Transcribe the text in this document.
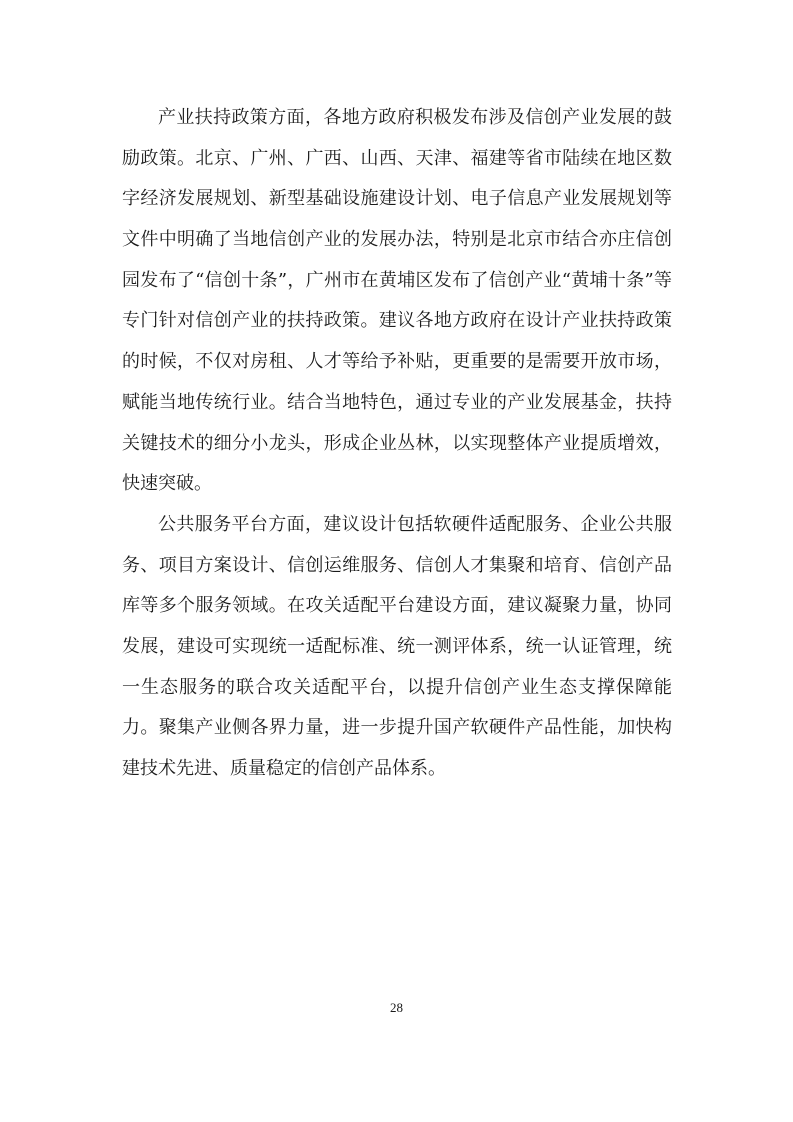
产业扶持政策方面，各地方政府积极发布涉及信创产业发展的鼓
励政策。北京、广州、广西、山西、天津、福建等省市陆续在地区数
字经济发展规划、新型基础设施建设计划、电子信息产业发展规划等
文件中明确了当地信创产业的发展办法，特别是北京市结合亦庄信创
园发布了“信创十条”，广州市在黄埔区发布了信创产业“黄埔十条”等
专门针对信创产业的扶持政策。建议各地方政府在设计产业扶持政策
的时候，不仅对房租、人才等给予补贴，更重要的是需要开放市场，
赋能当地传统行业。结合当地特色，通过专业的产业发展基金，扶持
关键技术的细分小龙头，形成企业丛林，以实现整体产业提质增效，
快速突破。
公共服务平台方面，建议设计包括软硬件适配服务、企业公共服
务、项目方案设计、信创运维服务、信创人才集聚和培育、信创产品
库等多个服务领域。在攻关适配平台建设方面，建议凝聚力量，协同
发展，建设可实现统一适配标准、统一测评体系，统一认证管理，统
一生态服务的联合攻关适配平台，以提升信创产业生态支撑保障能
力。聚集产业侧各界力量，进一步提升国产软硬件产品性能，加快构
建技术先进、质量稳定的信创产品体系。
28
